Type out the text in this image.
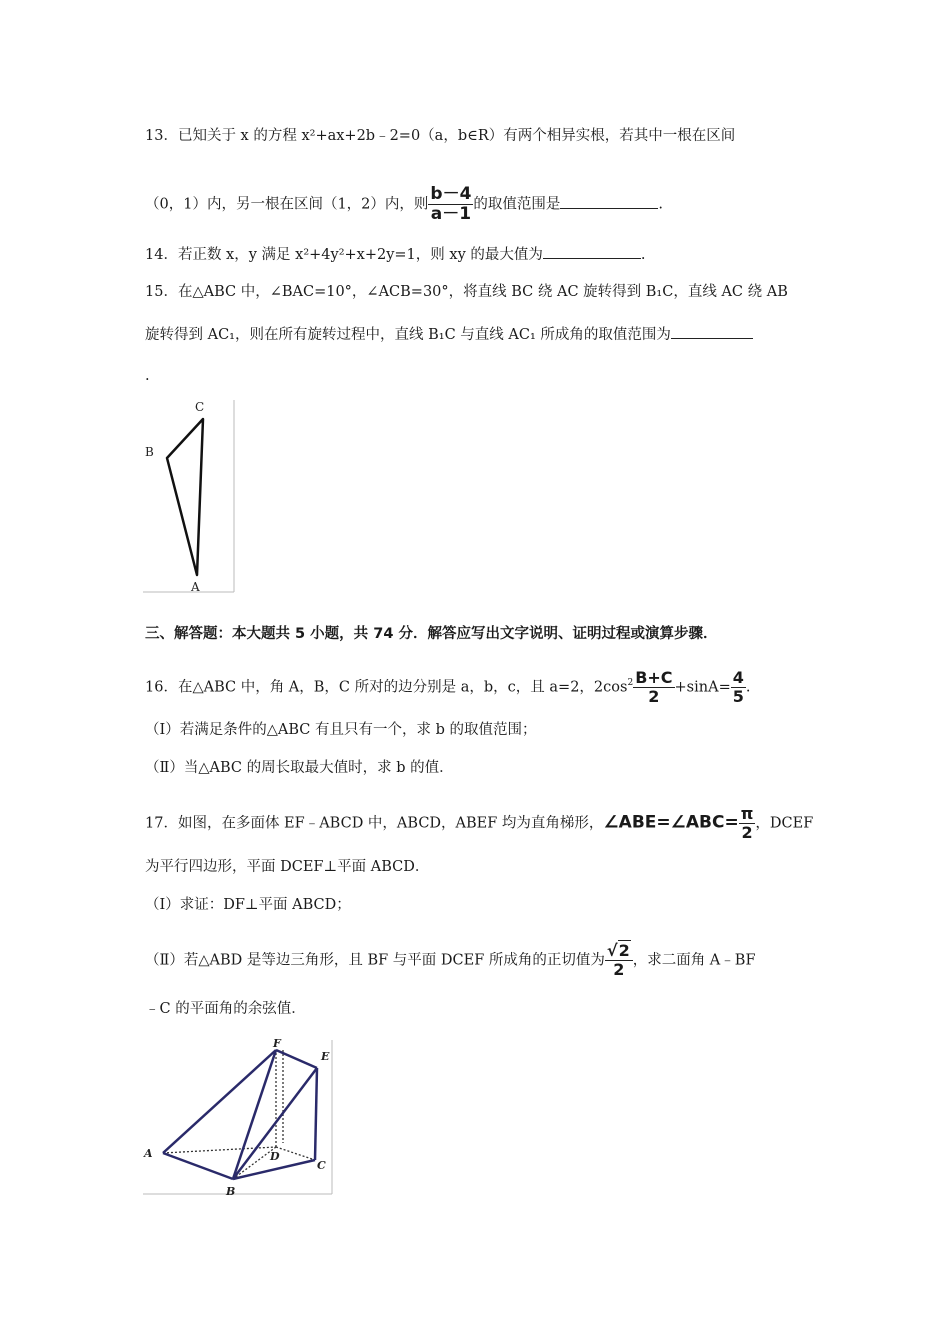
13．已知关于 x 的方程 x²+ax+2b﹣2=0（a，b∈R）有两个相异实根，若其中一根在区间
（0，1）内，另一根在区间（1，2）内，则 $\frac{b-4}{a-1}$ 的取值范围是	.
14．若正数 x，y 满足 x²+4y²+x+2y=1，则 xy 的最大值为	.
15．在△ABC 中，∠BAC=10°，∠ACB=30°，将直线 BC 绕 AC 旋转得到 B₁C，直线 AC 绕 AB
旋转得到 AC₁，则在所有旋转过程中，直线 B₁C 与直线 AC₁ 所成角的取值范围为
.
C
B
A
三、解答题：本大题共 5 小题，共 74 分．解答应写出文字说明、证明过程或演算步骤．
16．在△ABC 中，角 A，B，C 所对的边分别是 a，b，c，且 a=2，$2\cos^2 \frac{B+C}{2} +\sin A= \frac{4}{5}$ .
（Ⅰ）若满足条件的△ABC 有且只有一个，求 b 的取值范围；
（Ⅱ）当△ABC 的周长取最大值时，求 b 的值．
17．如图，在多面体 EF﹣ABCD 中，ABCD，ABEF 均为直角梯形，∠ABE=∠ABC= $\frac{\pi}{2}$ ，DCEF
为平行四边形，平面 DCEF⊥平面 ABCD．
（Ⅰ）求证：DF⊥平面 ABCD；
（Ⅱ）若△ABD 是等边三角形，且 BF 与平面 DCEF 所成角的正切值为 $\frac{√2}{2}$ ，求二面角 A﹣BF
﹣C 的平面角的余弦值．
A
B
C
D
E
F
